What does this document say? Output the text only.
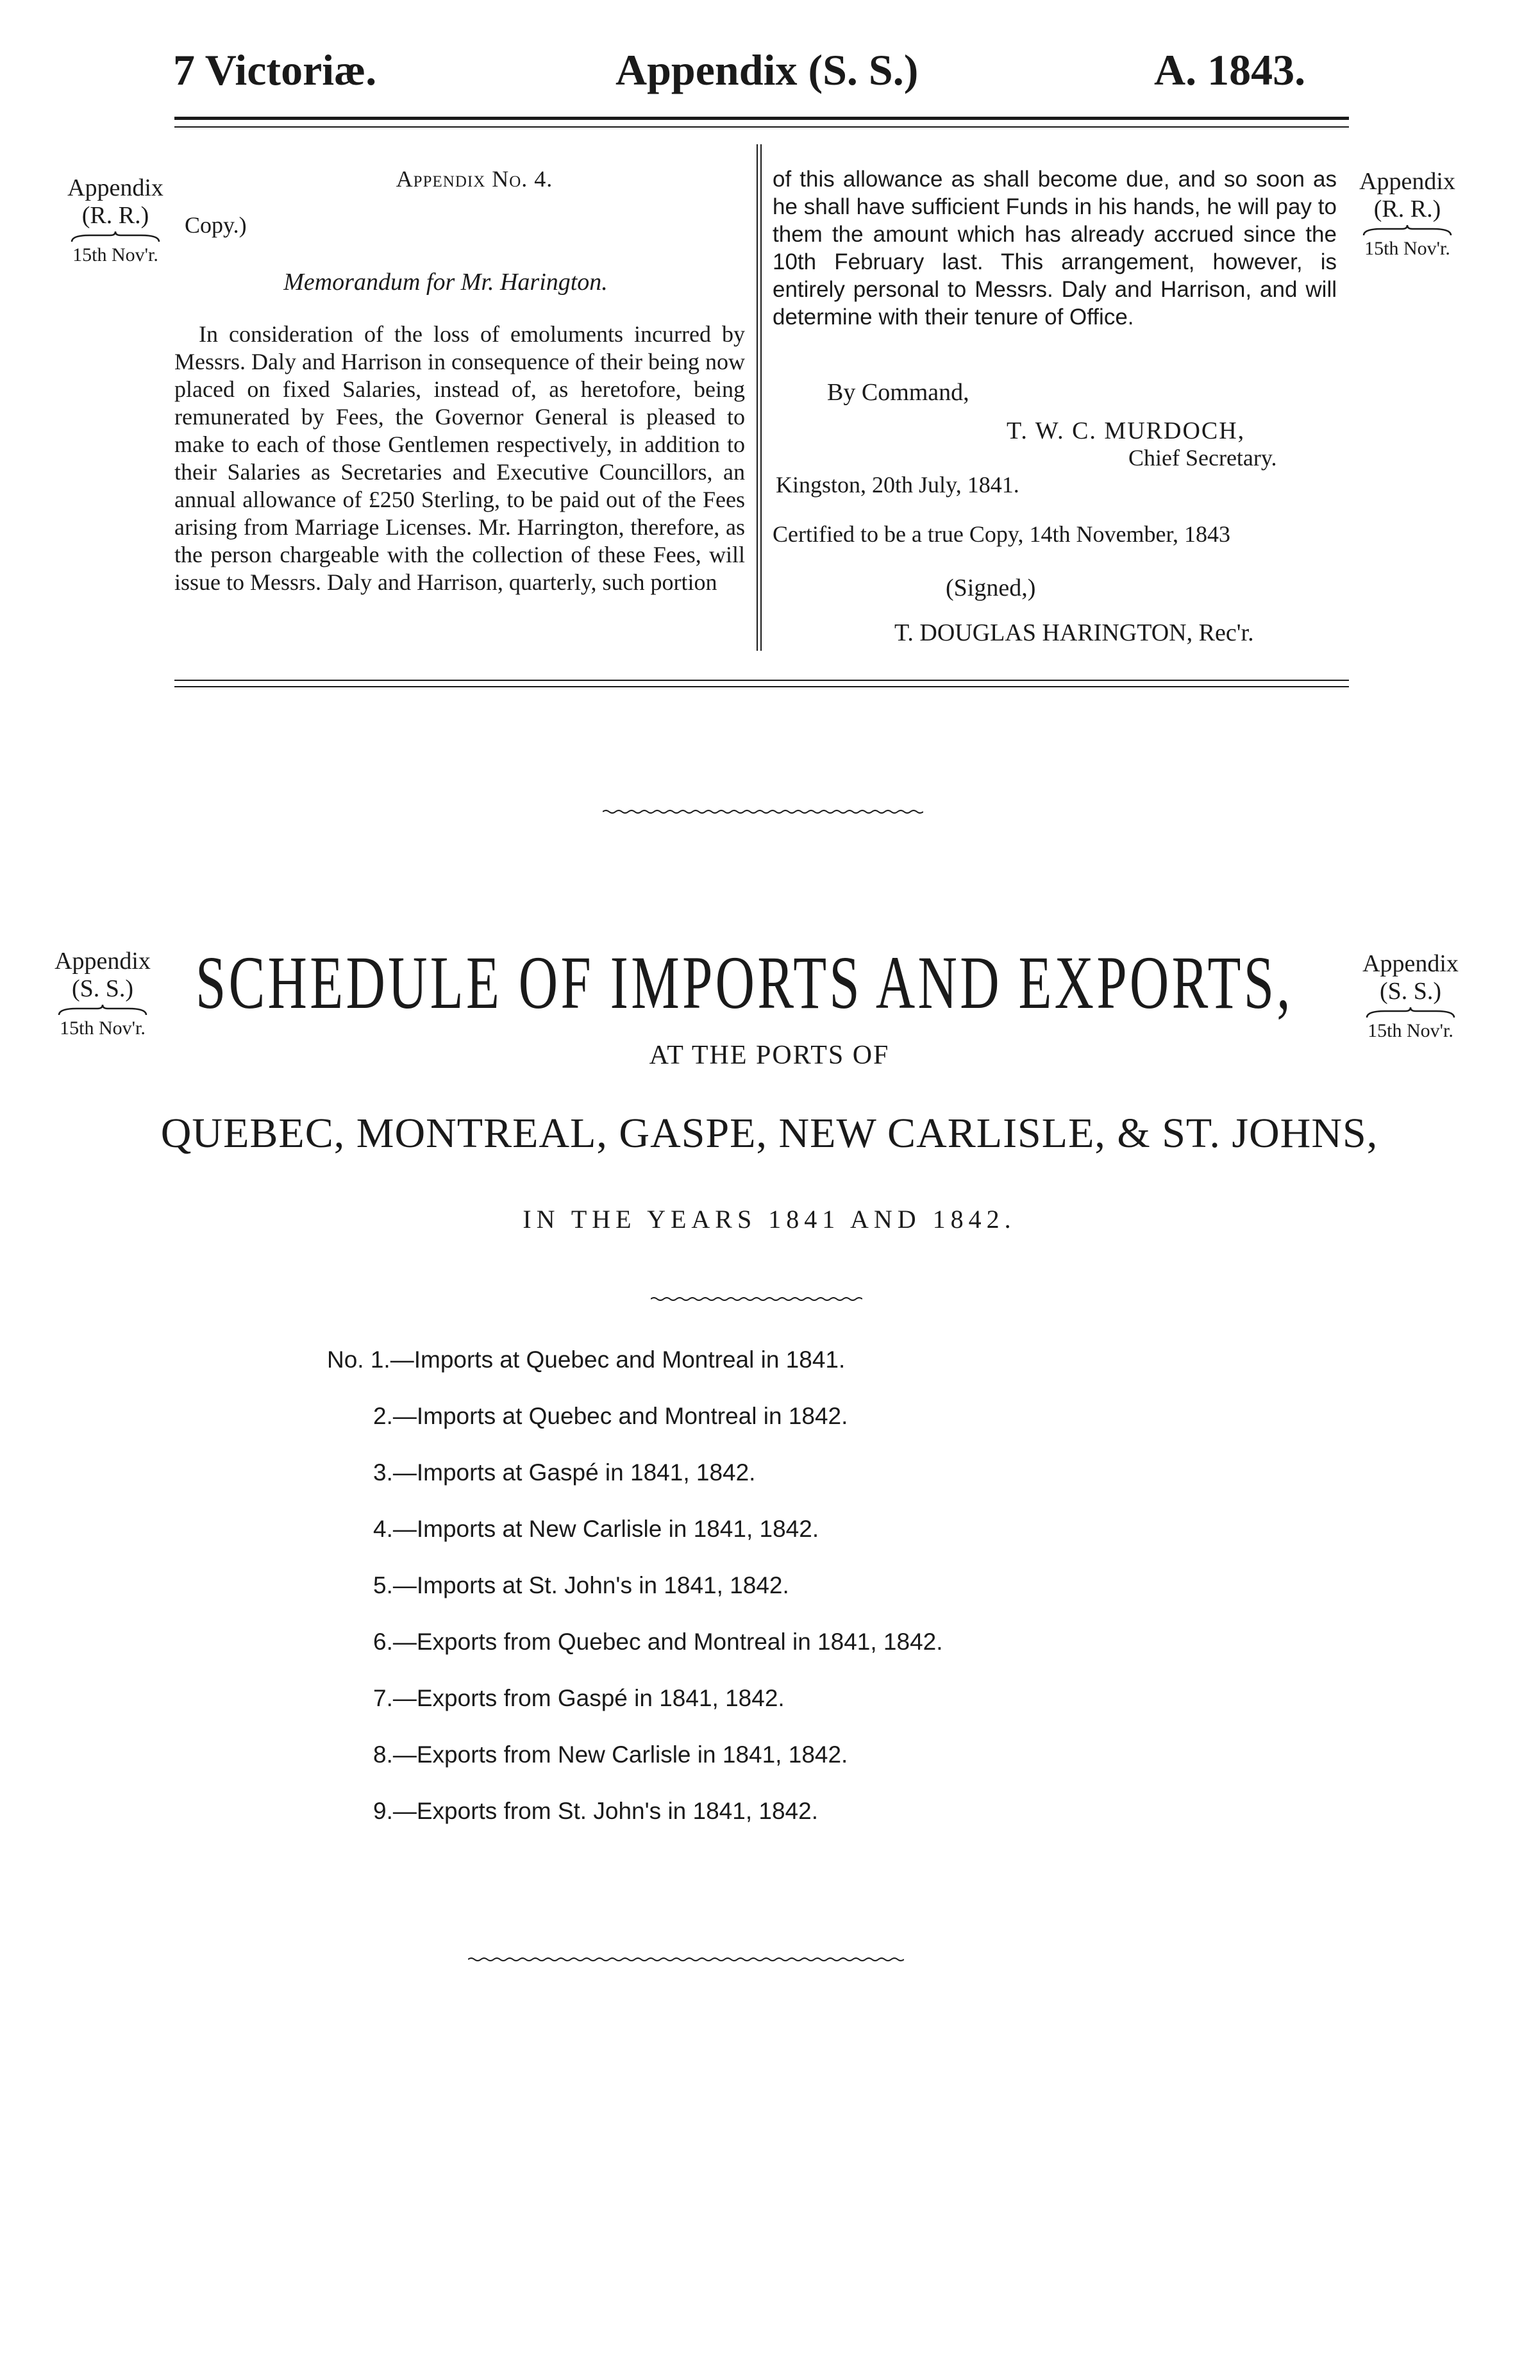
7 Victoriæ.	Appendix (S. S.)	A. 1843.
Appendix
(R. R.)
15th Nov'r.
Appendix
(R. R.)
15th Nov'r.
Appendix No. 4.
Copy.)
Memorandum for Mr. Harington.

In consideration of the loss of emoluments incurred by Messrs. Daly and Harrison in consequence of their being now placed on fixed Salaries, instead of, as heretofore, being remunerated by Fees, the Governor General is pleased to make to each of those Gentlemen respectively, in addition to their Salaries as Secretaries and Executive Councillors, an annual allowance of £250 Sterling, to be paid out of the Fees arising from Marriage Licenses. Mr. Harrington, therefore, as the person chargeable with the collection of these Fees, will issue to Messrs. Daly and Harrison, quarterly, such portion

of this allowance as shall become due, and so soon as he shall have sufficient Funds in his hands, he will pay to them the amount which has already accrued since the 10th February last. This arrangement, however, is entirely personal to Messrs. Daly and Harrison, and will determine with their tenure of Office.

By Command,
T. W. C. MURDOCH,
Chief Secretary.
Kingston, 20th July, 1841.
Certified to be a true Copy, 14th November, 1843
(Signed,)
T. DOUGLAS HARINGTON, Rec'r.
Appendix
(S. S.)
15th Nov'r.
Appendix
(S. S.)
15th Nov'r.
SCHEDULE OF IMPORTS AND EXPORTS,
AT THE PORTS OF
QUEBEC, MONTREAL, GASPE, NEW CARLISLE, & ST. JOHNS,
IN THE YEARS 1841 AND 1842.
No. 1.—Imports at Quebec and Montreal in 1841.
2.—Imports at Quebec and Montreal in 1842.
3.—Imports at Gaspé in 1841, 1842.
4.—Imports at New Carlisle in 1841, 1842.
5.—Imports at St. John's in 1841, 1842.
6.—Exports from Quebec and Montreal in 1841, 1842.
7.—Exports from Gaspé in 1841, 1842.
8.—Exports from New Carlisle in 1841, 1842.
9.—Exports from St. John's in 1841, 1842.
